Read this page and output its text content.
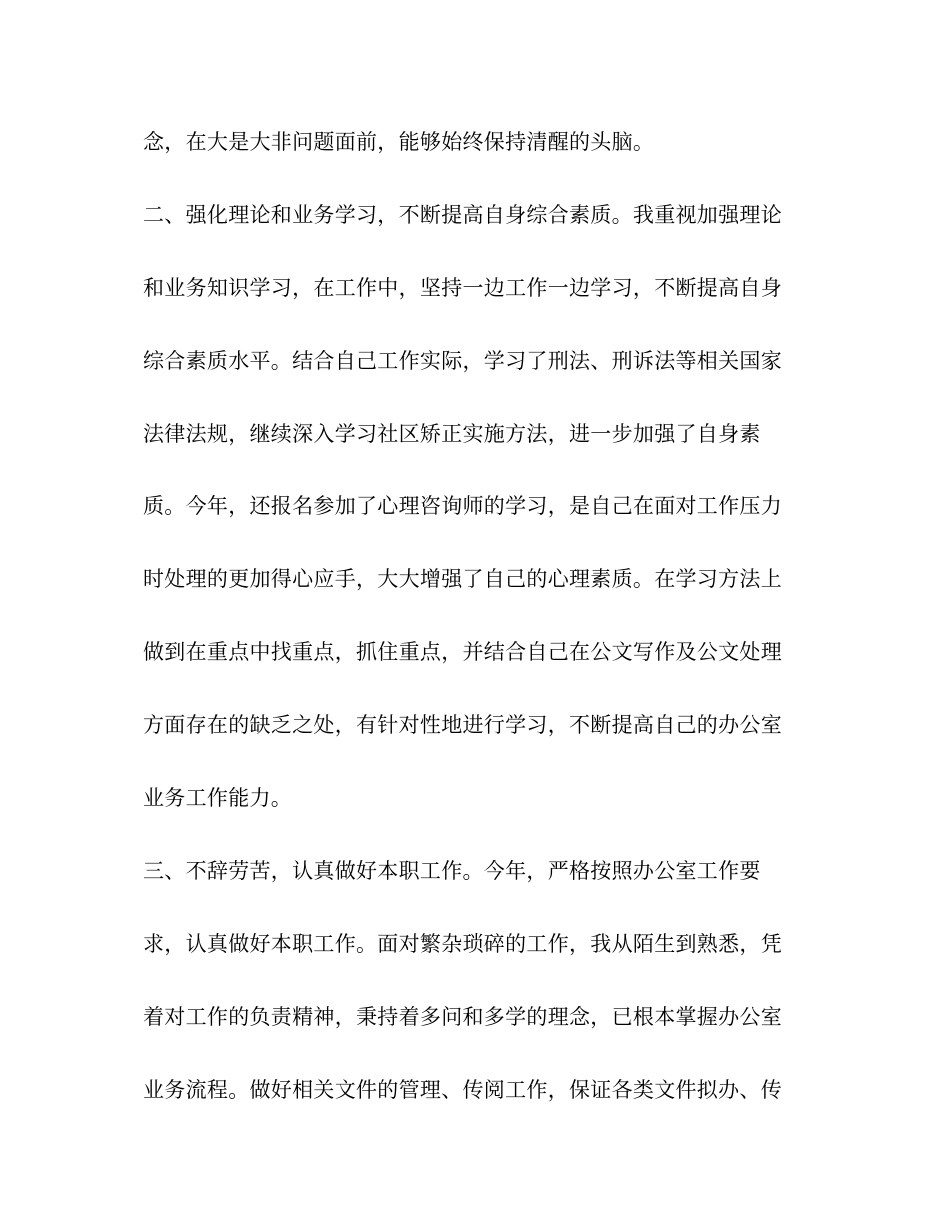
念，在大是大非问题面前，能够始终保持清醒的头脑。
二、强化理论和业务学习，不断提高自身综合素质。我重视加强理论
和业务知识学习，在工作中，坚持一边工作一边学习，不断提高自身
综合素质水平。结合自己工作实际，学习了刑法、刑诉法等相关国家
法律法规，继续深入学习社区矫正实施方法，进一步加强了自身素
质。今年，还报名参加了心理咨询师的学习，是自己在面对工作压力
时处理的更加得心应手，大大增强了自己的心理素质。在学习方法上
做到在重点中找重点，抓住重点，并结合自己在公文写作及公文处理
方面存在的缺乏之处，有针对性地进行学习，不断提高自己的办公室
业务工作能力。
三、不辞劳苦，认真做好本职工作。今年，严格按照办公室工作要
求，认真做好本职工作。面对繁杂琐碎的工作，我从陌生到熟悉，凭
着对工作的负责精神，秉持着多问和多学的理念，已根本掌握办公室
业务流程。做好相关文件的管理、传阅工作，保证各类文件拟办、传
